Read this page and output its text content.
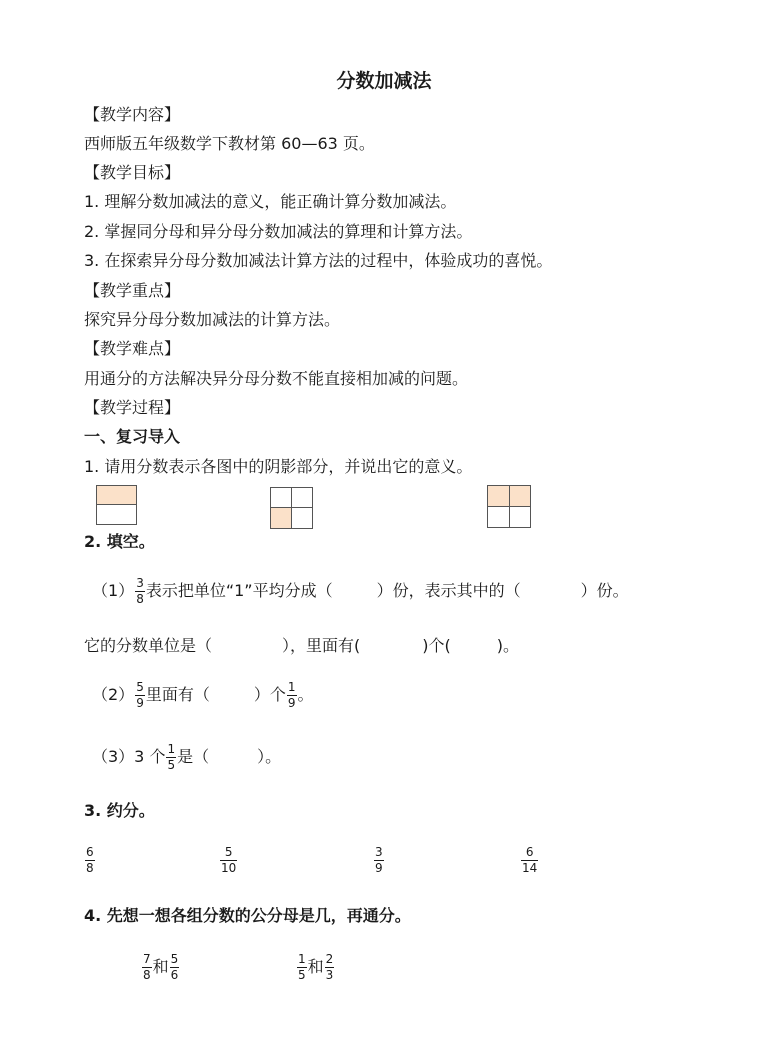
分数加减法
【教学内容】
西师版五年级数学下教材第 60—63 页。
【教学目标】
1. 理解分数加减法的意义，能正确计算分数加减法。
2. 掌握同分母和异分母分数加减法的算理和计算方法。
3. 在探索异分母分数加减法计算方法的过程中，体验成功的喜悦。
【教学重点】
探究异分母分数加减法的计算方法。
【教学难点】
用通分的方法解决异分母分数不能直接相加减的问题。
【教学过程】
一、复习导入
1. 请用分数表示各图中的阴影部分，并说出它的意义。
2. 填空。
$(1) \frac{3}{8}$ 表示把单位“1”平均分成（	）份，表示其中的（	）份。
它的分数单位是（	），里面有(	)个(	)。
$(2) \frac{5}{9}$ 里面有（	）个 $\frac{1}{9}$ 。
（3）3 个 $\frac{1}{5}$ 是（	）。
3. 约分。
$\frac{6}{8}$	$\frac{5}{10}$	$\frac{3}{9}$	$\frac{6}{14}$
4. 先想一想各组分数的公分母是几，再通分。
$\frac{7}{8}$ 和 $\frac{5}{6}$	$\frac{1}{5}$ 和 $\frac{2}{3}$
